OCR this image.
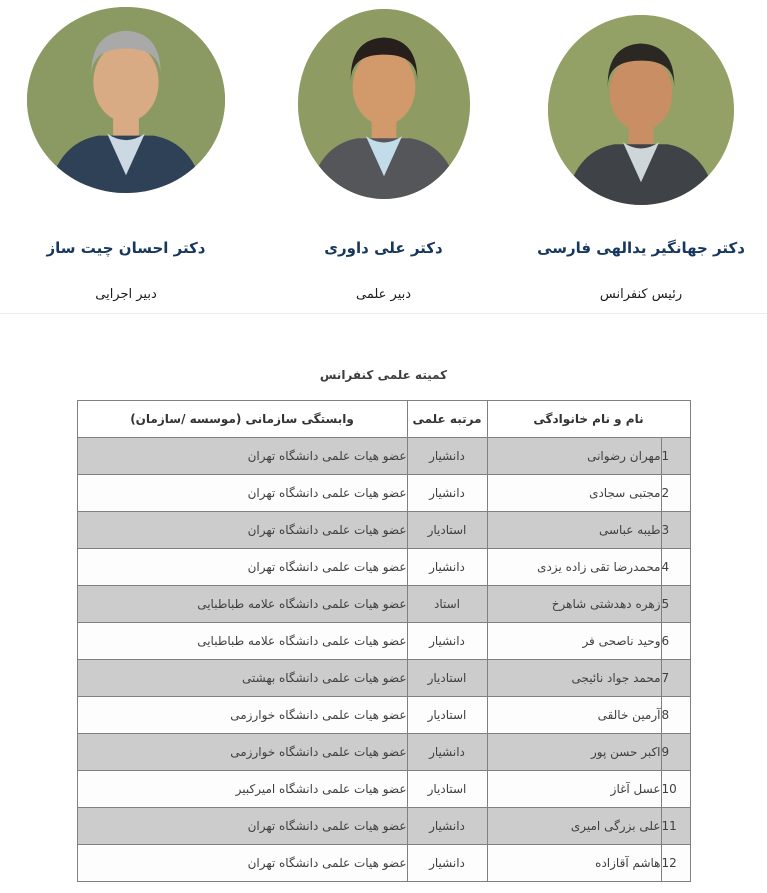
دکتر جهانگیر یدالهی فارسی
رئیس کنفرانس
دکتر علی داوری
دبیر علمی
دکتر احسان چیت ساز
دبیر اجرایی
کمیته علمی کنفرانس
نام و نام خانوادگی		مرتبه علمی	وابستگی سازمانی (موسسه /سازمان)
1	مهران رضوانی	دانشیار	عضو هیات علمی دانشگاه تهران
2	مجتبی سجادی	دانشیار	عضو هیات علمی دانشگاه تهران
3	طیبه عباسی	استادیار	عضو هیات علمی دانشگاه تهران
4	محمدرضا تقی زاده یزدی	دانشیار	عضو هیات علمی دانشگاه تهران
5	زهره دهدشتی شاهرخ	استاد	عضو هیات علمی دانشگاه علامه طباطبایی
6	وحید ناصحی فر	دانشیار	عضو هیات علمی دانشگاه علامه طباطبایی
7	محمد جواد نائیجی	استادیار	عضو هیات علمی دانشگاه بهشتی
8	آرمین خالقی	استادیار	عضو هیات علمی دانشگاه خوارزمی
9	اکبر حسن پور	دانشیار	عضو هیات علمی دانشگاه خوارزمی
10	عسل آغاز	استادیار	عضو هیات علمی دانشگاه امیرکبیر
11	علی بزرگی امیری	دانشیار	عضو هیات علمی دانشگاه تهران
12	هاشم آقازاده	دانشیار	عضو هیات علمی دانشگاه تهران
